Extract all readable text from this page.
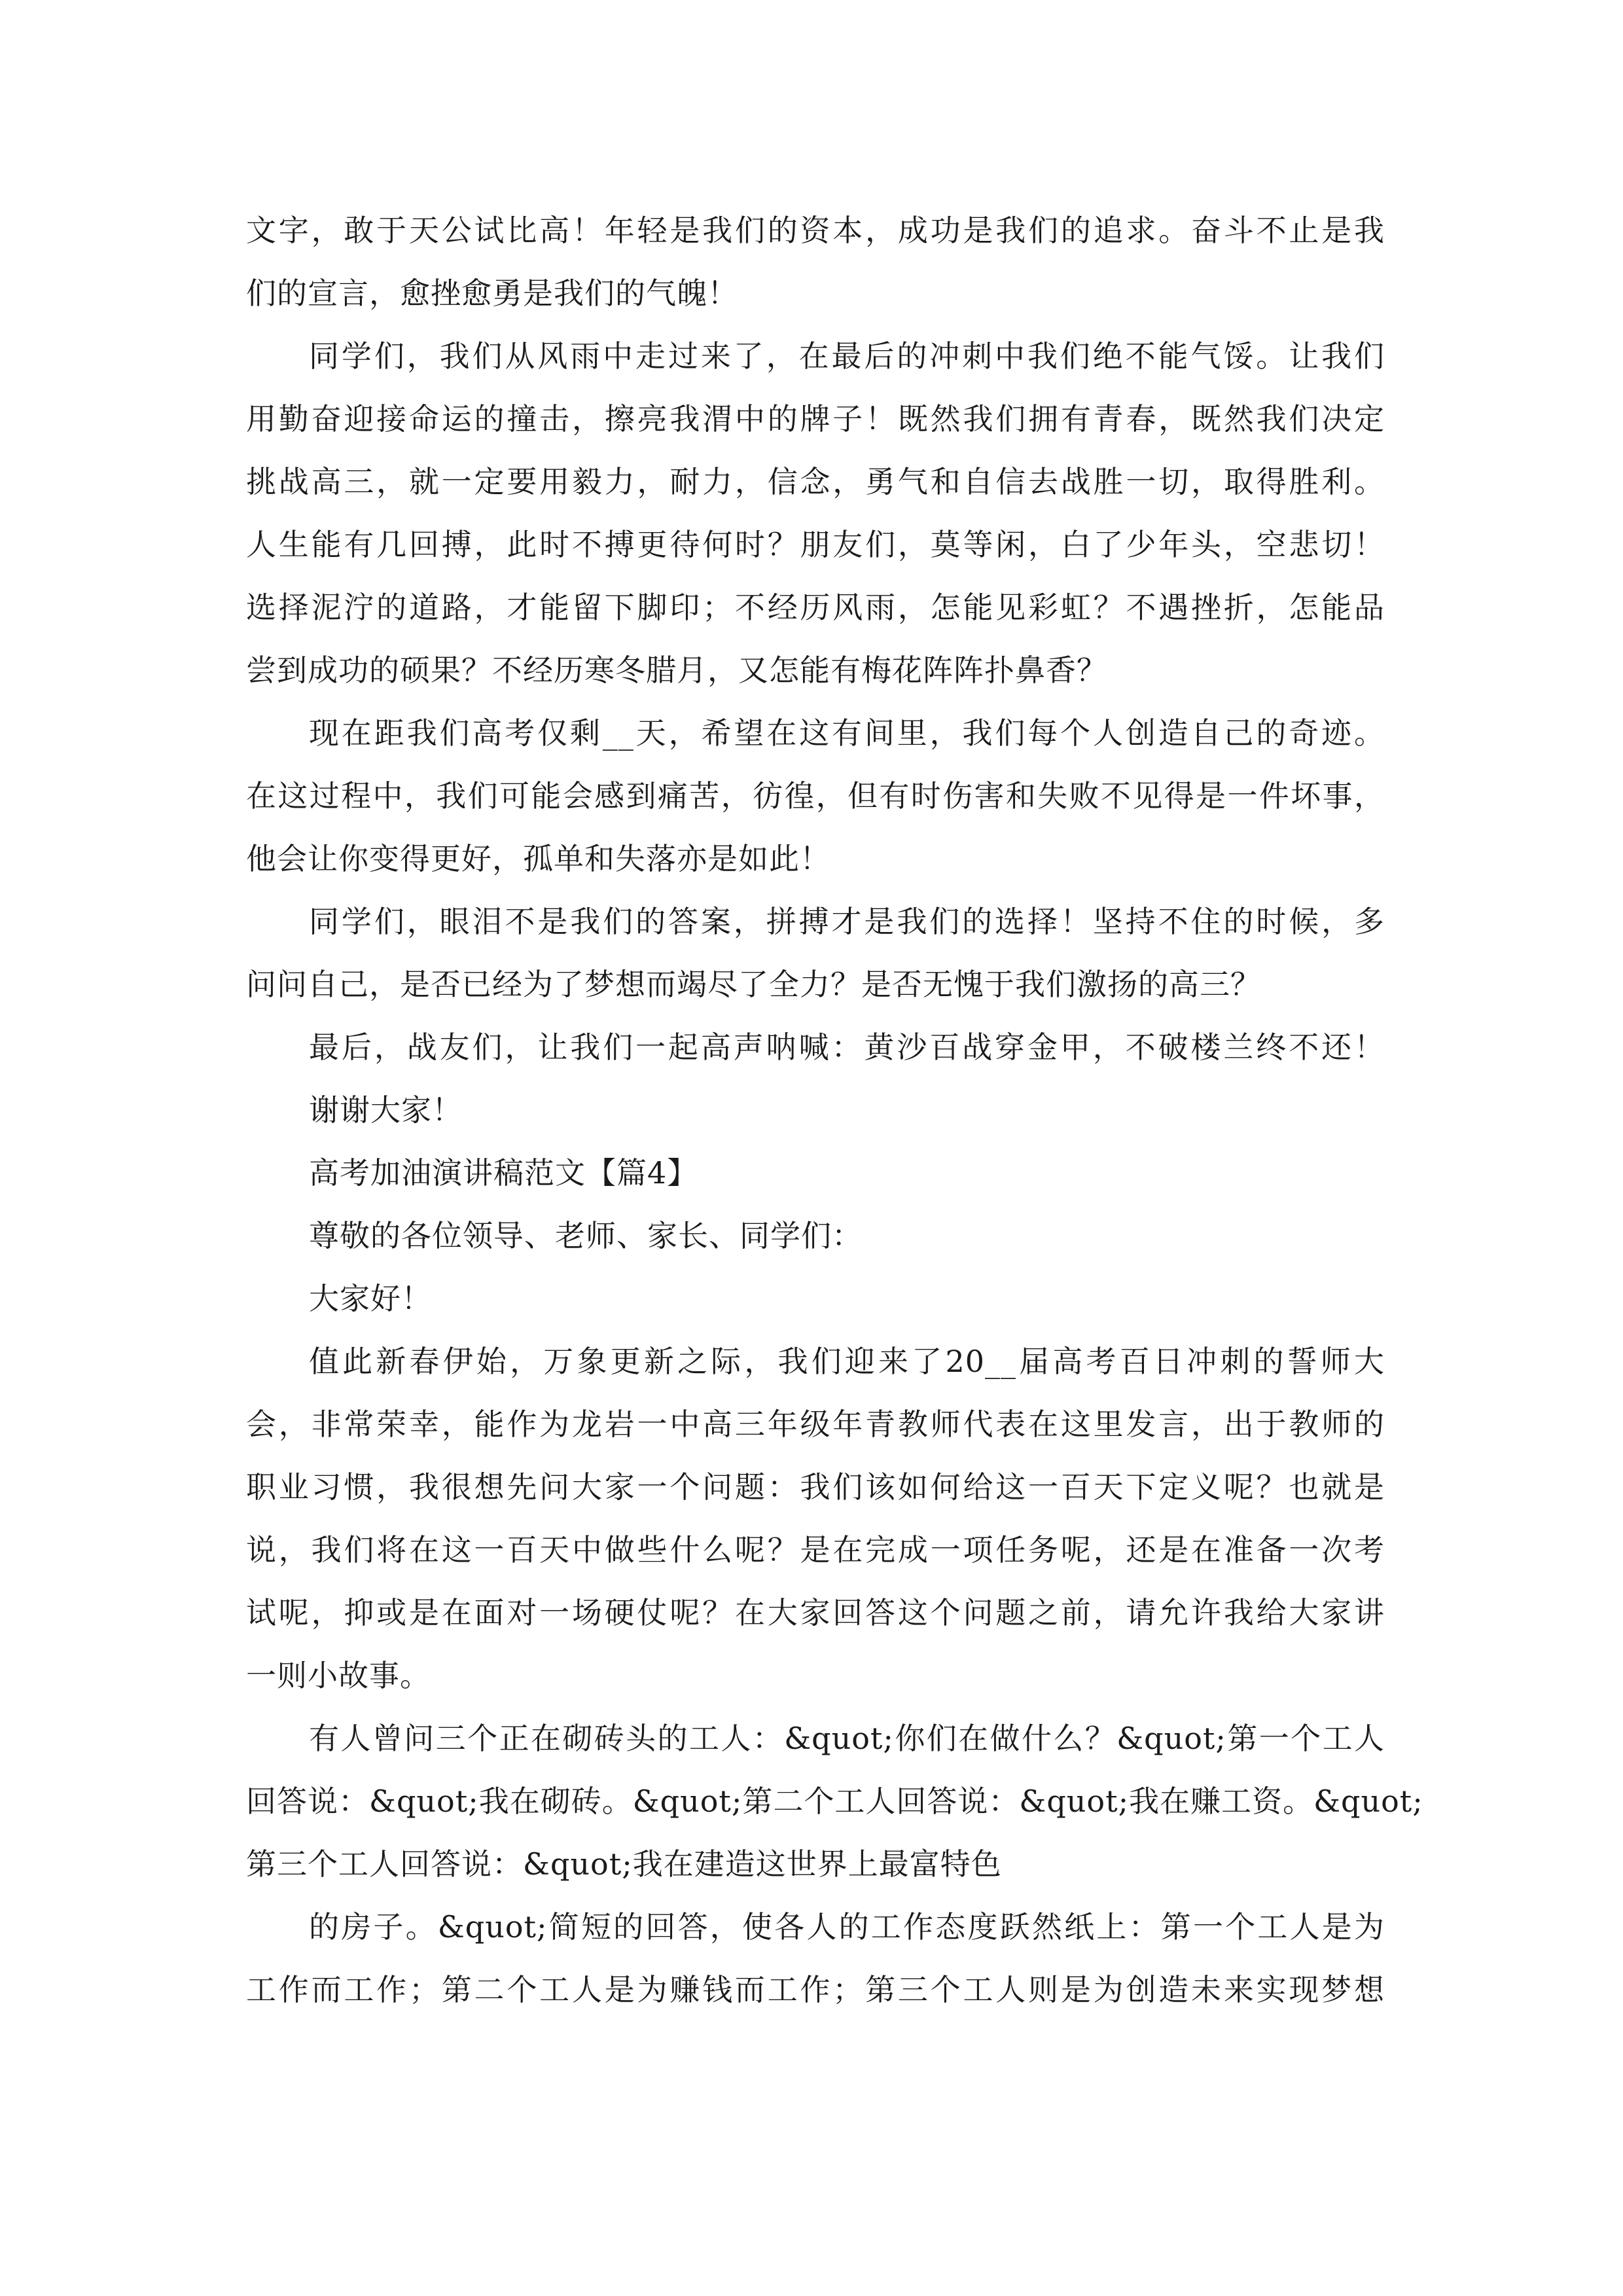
文字，敢于天公试比高！年轻是我们的资本，成功是我们的追求。奋斗不止是我
们的宣言，愈挫愈勇是我们的气魄！
同学们，我们从风雨中走过来了，在最后的冲刺中我们绝不能气馁。让我们
用勤奋迎接命运的撞击，擦亮我渭中的牌子！既然我们拥有青春，既然我们决定
挑战高三，就一定要用毅力，耐力，信念，勇气和自信去战胜一切，取得胜利。
人生能有几回搏，此时不搏更待何时？朋友们，莫等闲，白了少年头，空悲切！
选择泥泞的道路，才能留下脚印；不经历风雨，怎能见彩虹？不遇挫折，怎能品
尝到成功的硕果？不经历寒冬腊月，又怎能有梅花阵阵扑鼻香？
现在距我们高考仅剩__天，希望在这有间里，我们每个人创造自己的奇迹。
在这过程中，我们可能会感到痛苦，彷徨，但有时伤害和失败不见得是一件坏事，
他会让你变得更好，孤单和失落亦是如此！
同学们，眼泪不是我们的答案，拼搏才是我们的选择！坚持不住的时候，多
问问自己，是否已经为了梦想而竭尽了全力？是否无愧于我们激扬的高三？
最后，战友们，让我们一起高声呐喊：黄沙百战穿金甲，不破楼兰终不还！
谢谢大家！
高考加油演讲稿范文【篇4】
尊敬的各位领导、老师、家长、同学们：
大家好！
值此新春伊始，万象更新之际，我们迎来了20__届高考百日冲刺的誓师大
会，非常荣幸，能作为龙岩一中高三年级年青教师代表在这里发言，出于教师的
职业习惯，我很想先问大家一个问题：我们该如何给这一百天下定义呢？也就是
说，我们将在这一百天中做些什么呢？是在完成一项任务呢，还是在准备一次考
试呢，抑或是在面对一场硬仗呢？在大家回答这个问题之前，请允许我给大家讲
一则小故事。
有人曾问三个正在砌砖头的工人：&quot;你们在做什么？&quot;第一个工人
回答说：&quot;我在砌砖。&quot;第二个工人回答说：&quot;我在赚工资。&quot;
第三个工人回答说：&quot;我在建造这世界上最富特色
的房子。&quot;简短的回答，使各人的工作态度跃然纸上：第一个工人是为
工作而工作；第二个工人是为赚钱而工作；第三个工人则是为创造未来实现梦想
